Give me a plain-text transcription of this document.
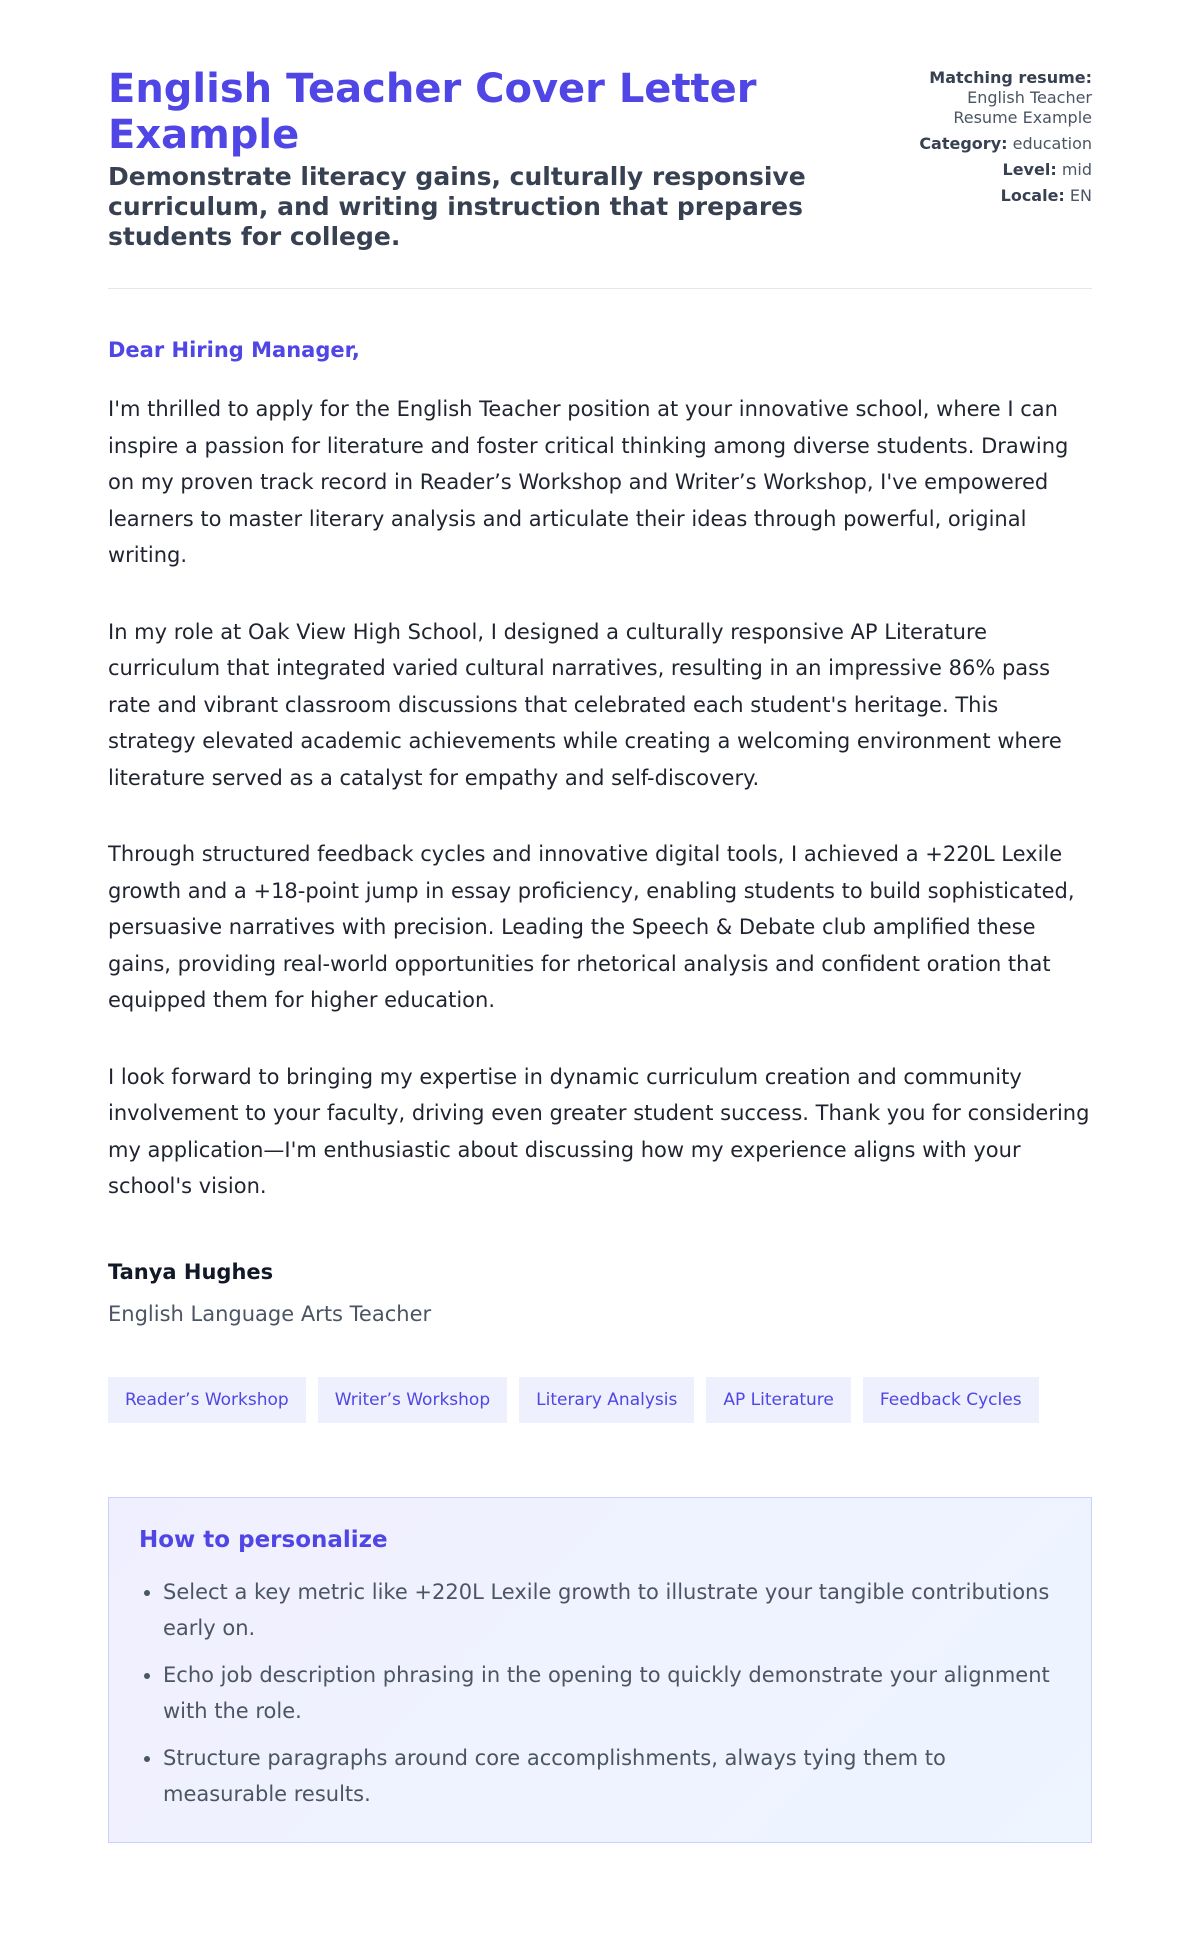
English Teacher Cover Letter Example
Demonstrate literacy gains, culturally responsive curriculum, and writing instruction that prepares students for college.
Matching resume:
English Teacher Resume Example
Category: education
Level: mid
Locale: EN

Dear Hiring Manager,

I'm thrilled to apply for the English Teacher position at your innovative school, where I can inspire a passion for literature and foster critical thinking among diverse students. Drawing on my proven track record in Reader’s Workshop and Writer’s Workshop, I've empowered learners to master literary analysis and articulate their ideas through powerful, original writing.

In my role at Oak View High School, I designed a culturally responsive AP Literature curriculum that integrated varied cultural narratives, resulting in an impressive 86% pass rate and vibrant classroom discussions that celebrated each student's heritage. This strategy elevated academic achievements while creating a welcoming environment where literature served as a catalyst for empathy and self-discovery.

Through structured feedback cycles and innovative digital tools, I achieved a +220L Lexile growth and a +18-point jump in essay proficiency, enabling students to build sophisticated, persuasive narratives with precision. Leading the Speech & Debate club amplified these gains, providing real-world opportunities for rhetorical analysis and confident oration that equipped them for higher education.

I look forward to bringing my expertise in dynamic curriculum creation and community involvement to your faculty, driving even greater student success. Thank you for considering my application—I'm enthusiastic about discussing how my experience aligns with your school's vision.

Tanya Hughes
English Language Arts Teacher
Reader’s Workshop	Writer’s Workshop	Literary Analysis	AP Literature	Feedback Cycles
How to personalize
• Select a key metric like +220L Lexile growth to illustrate your tangible contributions early on.
• Echo job description phrasing in the opening to quickly demonstrate your alignment with the role.
• Structure paragraphs around core accomplishments, always tying them to measurable results.
